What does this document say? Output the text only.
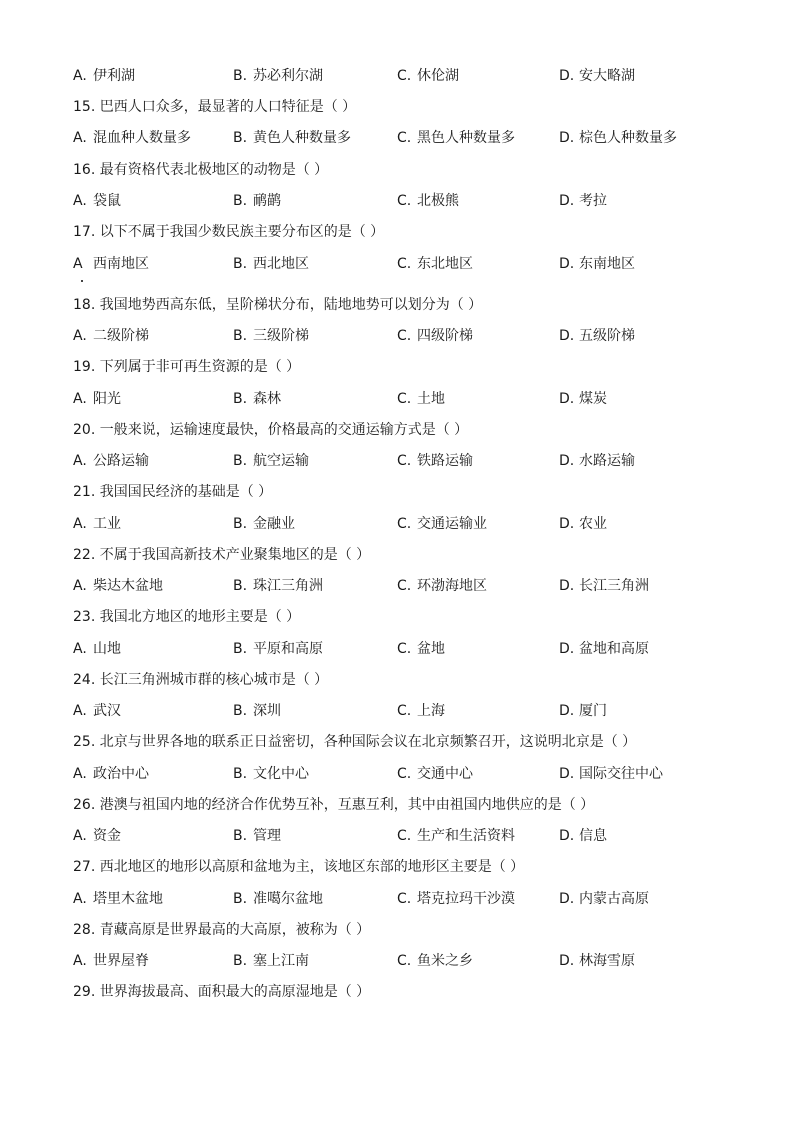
A. 伊利湖	B. 苏必利尔湖	C. 休伦湖	D. 安大略湖
15. 巴西人口众多，最显著的人口特征是（ ）
A. 混血种人数量多	B. 黄色人种数量多	C. 黑色人种数量多	D. 棕色人种数量多
16. 最有资格代表北极地区的动物是（ ）
A. 袋鼠	B. 鸸鹋	C. 北极熊	D. 考拉
17. 以下不属于我国少数民族主要分布区的是（ ）
A 西南地区	B. 西北地区	C. 东北地区	D. 东南地区
18. 我国地势西高东低，呈阶梯状分布，陆地地势可以划分为（ ）
A. 二级阶梯	B. 三级阶梯	C. 四级阶梯	D. 五级阶梯
19. 下列属于非可再生资源的是（ ）
A. 阳光	B. 森林	C. 土地	D. 煤炭
20. 一般来说，运输速度最快，价格最高的交通运输方式是（ ）
A. 公路运输	B. 航空运输	C. 铁路运输	D. 水路运输
21. 我国国民经济的基础是（ ）
A. 工业	B. 金融业	C. 交通运输业	D. 农业
22. 不属于我国高新技术产业聚集地区的是（ ）
A. 柴达木盆地	B. 珠江三角洲	C. 环渤海地区	D. 长江三角洲
23. 我国北方地区的地形主要是（ ）
A. 山地	B. 平原和高原	C. 盆地	D. 盆地和高原
24. 长江三角洲城市群的核心城市是（ ）
A. 武汉	B. 深圳	C. 上海	D. 厦门
25. 北京与世界各地的联系正日益密切，各种国际会议在北京频繁召开，这说明北京是（ ）
A. 政治中心	B. 文化中心	C. 交通中心	D. 国际交往中心
26. 港澳与祖国内地的经济合作优势互补，互惠互利，其中由祖国内地供应的是（ ）
A. 资金	B. 管理	C. 生产和生活资料	D. 信息
27. 西北地区的地形以高原和盆地为主，该地区东部的地形区主要是（ ）
A. 塔里木盆地	B. 准噶尔盆地	C. 塔克拉玛干沙漠	D. 内蒙古高原
28. 青藏高原是世界最高的大高原，被称为（ ）
A. 世界屋脊	B. 塞上江南	C. 鱼米之乡	D. 林海雪原
29. 世界海拔最高、面积最大的高原湿地是（ ）
